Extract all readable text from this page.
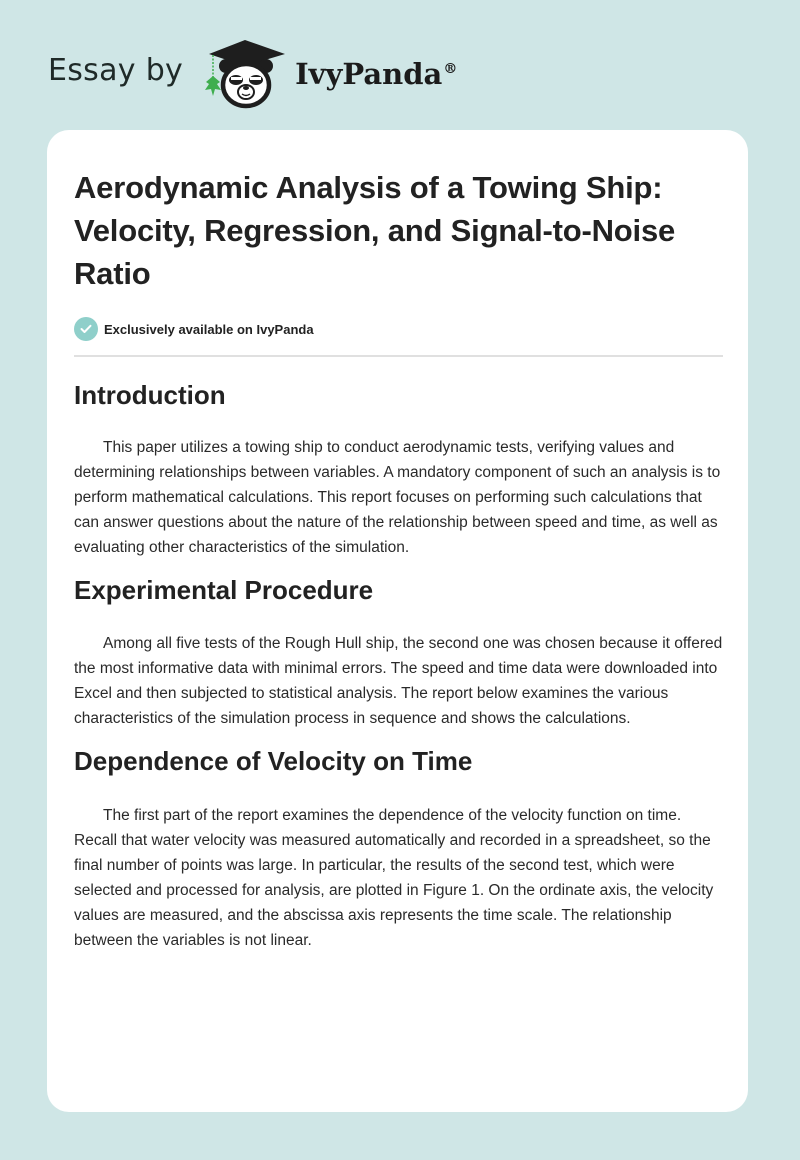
Essay by	IvyPanda®
Aerodynamic Analysis of a Towing Ship: Velocity, Regression, and Signal-to-Noise Ratio
Exclusively available on IvyPanda
Introduction

This paper utilizes a towing ship to conduct aerodynamic tests, verifying values and determining relationships between variables. A mandatory component of such an analysis is to perform mathematical calculations. This report focuses on performing such calculations that can answer questions about the nature of the relationship between speed and time, as well as evaluating other characteristics of the simulation.

Experimental Procedure

Among all five tests of the Rough Hull ship, the second one was chosen because it offered the most informative data with minimal errors. The speed and time data were downloaded into Excel and then subjected to statistical analysis. The report below examines the various characteristics of the simulation process in sequence and shows the calculations.

Dependence of Velocity on Time

The first part of the report examines the dependence of the velocity function on time. Recall that water velocity was measured automatically and recorded in a spreadsheet, so the final number of points was large. In particular, the results of the second test, which were selected and processed for analysis, are plotted in Figure 1. On the ordinate axis, the velocity values are measured, and the abscissa axis represents the time scale. The relationship between the variables is not linear.
